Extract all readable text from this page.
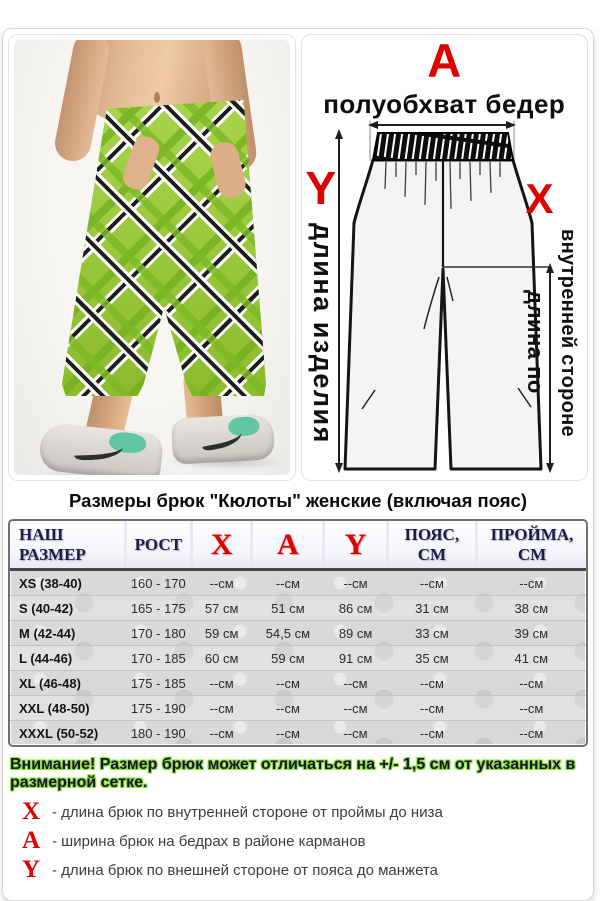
A
полуобхват бедер
Y
длина изделия
X
длина по внутренней стороне
Размеры брюк "Кюлоты" женские (включая пояс)
НАШ РАЗМЕР	РОСТ	X	A	Y	ПОЯС, СМ	ПРОЙМА, СМ
XS (38-40)	160 - 170	--см	--см	--см	--см	--см
S (40-42)	165 - 175	57 см	51 см	86 см	31 см	38 см
M (42-44)	170 - 180	59 см	54,5 см	89 см	33 см	39 см
L (44-46)	170 - 185	60 см	59 см	91 см	35 см	41 см
XL (46-48)	175 - 185	--см	--см	--см	--см	--см
XXL (48-50)	175 - 190	--см	--см	--см	--см	--см
XXXL (50-52)	180 - 190	--см	--см	--см	--см	--см

Внимание! Размер брюк может отличаться на +/- 1,5 см от указанных в размерной сетке.

X - длина брюк по внутренней стороне от проймы до низа
A - ширина брюк на бедрах в районе карманов
Y - длина брюк по внешней стороне от пояса до манжета
